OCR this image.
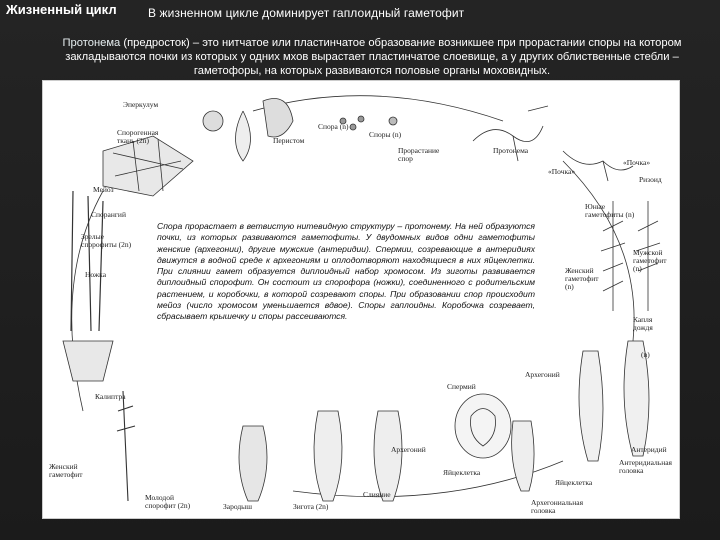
Жизненный цикл	В жизненном цикле доминирует гаплоидный гаметофит
Протонема (предросток) – это нитчатое или пластинчатое образование возникшее при прорастании споры на котором закладываются почки из которых у одних мхов вырастает пластинчатое слоевище, а у других облиственные стебли – гаметофоры, на которых развиваются половые органы моховидных.
Эперкулум
Спорогенная ткань (2n)	Перистом
Спора (n)
Споры (n)
Прорастание спор
Протонема
«Почка»
«Почка»
Ризоид
Юные гаметофиты (n)
Женский гаметофит (n)
Мужской гаметофит (n)
Капля дождя
Мейоз
Спорангий
Зрелые спорофиты (2n)
Ножка
Калиптра
Женский гаметофит
Молодой спорофит (2n)	Зародыш	Зигота (2n)
Слияние
Архегоний
Яйцеклетка
Спермий
Архегоний
Антеридий
Антеридиальная головка
Яйцеклетка
Архегониальная головка
(n)
Спора прорастает в ветвистую нитевидную структуру – протонему. На ней образуются почки, из которых развиваются гаметофиты. У двудомных видов одни гаметофиты женские (архегонии), другие мужские (антеридии). Спермии, созревающие в антеридиях движутся в водной среде к архегониям и оплодотворяют находящиеся в них яйцеклетки. При слиянии гамет образуется диплоидный набор хромосом. Из зиготы развивается диплоидный спорофит. Он состоит из спорофора (ножки), соединенного с родительским растением, и коробочки, в которой созревают споры. При образовании спор происходит мейоз (число хромосом уменьшается вдвое). Споры гаплоидны. Коробочка созревает, сбрасывает крышечку и споры рассеиваются.
